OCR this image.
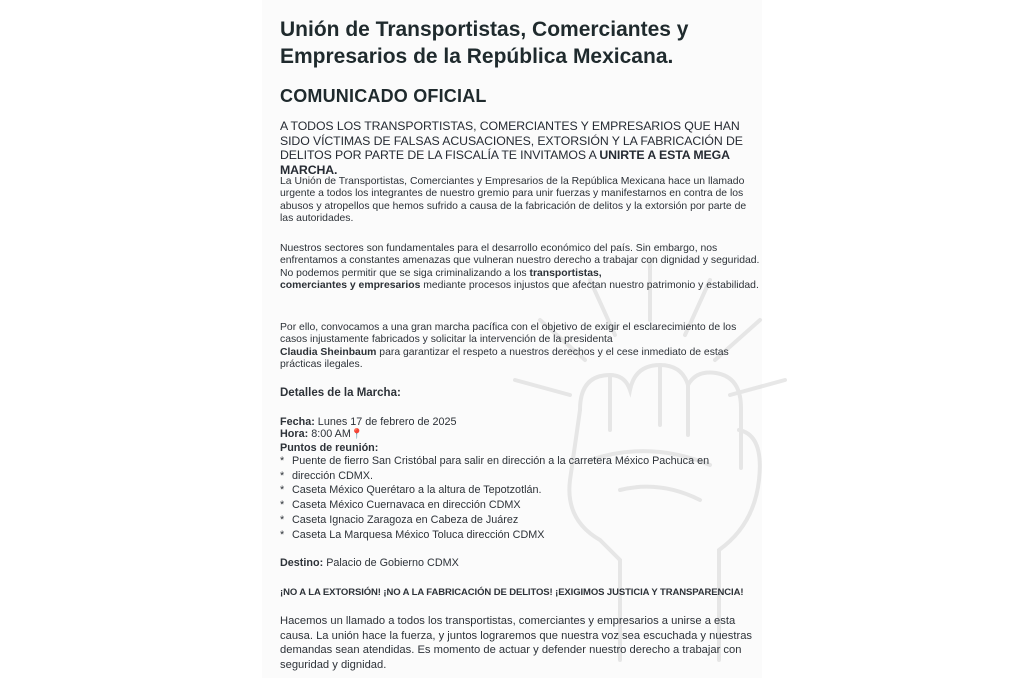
Unión de Transportistas, Comerciantes y Empresarios de la República Mexicana.
COMUNICADO OFICIAL
A TODOS LOS TRANSPORTISTAS, COMERCIANTES Y EMPRESARIOS QUE HAN SIDO VÍCTIMAS DE FALSAS ACUSACIONES, EXTORSIÓN Y LA FABRICACIÓN DE DELITOS POR PARTE DE LA FISCALÍA TE INVITAMOS A UNIRTE A ESTA MEGA MARCHA.

La Unión de Transportistas, Comerciantes y Empresarios de la República Mexicana hace un llamado urgente a todos los integrantes de nuestro gremio para unir fuerzas y manifestarnos en contra de los abusos y atropellos que hemos sufrido a causa de la fabricación de delitos y la extorsión por parte de las autoridades.

Nuestros sectores son fundamentales para el desarrollo económico del país. Sin embargo, nos enfrentamos a constantes amenazas que vulneran nuestro derecho a trabajar con dignidad y seguridad. No podemos permitir que se siga criminalizando a los transportistas,
comerciantes y empresarios mediante procesos injustos que afectan nuestro patrimonio y estabilidad.

Por ello, convocamos a una gran marcha pacífica con el objetivo de exigir el esclarecimiento de los casos injustamente fabricados y solicitar la intervención de la presidenta
Claudia Sheinbaum para garantizar el respeto a nuestros derechos y el cese inmediato de estas prácticas ilegales.

Detalles de la Marcha:
Fecha: Lunes 17 de febrero de 2025
Hora: 8:00 AM📍
Puntos de reunión:
* Puente de fierro San Cristóbal para salir en dirección a la carretera México Pachuca en
* dirección CDMX.
* Caseta México Querétaro a la altura de Tepotzotlán.
* Caseta México Cuernavaca en dirección CDMX
* Caseta Ignacio Zaragoza en Cabeza de Juárez
* Caseta La Marquesa México Toluca dirección CDMX
Destino: Palacio de Gobierno CDMX
¡NO A LA EXTORSIÓN! ¡NO A LA FABRICACIÓN DE DELITOS! ¡EXIGIMOS JUSTICIA Y TRANSPARENCIA!

Hacemos un llamado a todos los transportistas, comerciantes y empresarios a unirse a esta causa. La unión hace la fuerza, y juntos lograremos que nuestra voz sea escuchada y nuestras demandas sean atendidas. Es momento de actuar y defender nuestro derecho a trabajar con seguridad y dignidad.
